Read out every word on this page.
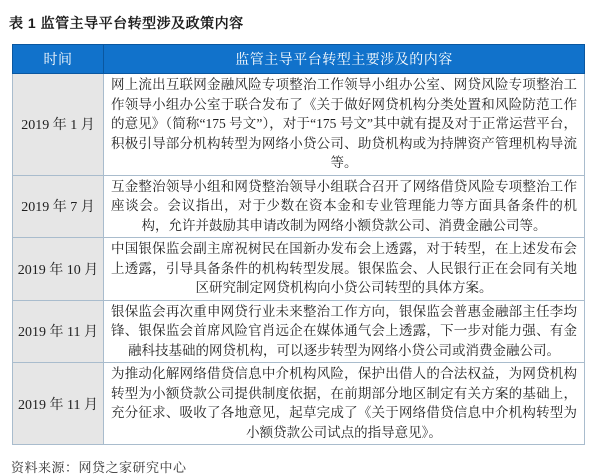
表 1 监管主导平台转型涉及政策内容
时间	监管主导平台转型主要涉及的内容
2019 年 1 月	网上流出互联网金融风险专项整治工作领导小组办公室、网贷风险专项整治工作领导小组办公室于联合发布了《关于做好网贷机构分类处置和风险防范工作的意见》（简称“175 号文”），对于“175 号文”其中就有提及对于正常运营平台，积极引导部分机构转型为网络小贷公司、助贷机构或为持牌资产管理机构导流等。
2019 年 7 月	互金整治领导小组和网贷整治领导小组联合召开了网络借贷风险专项整治工作座谈会。会议指出，对于少数在资本金和专业管理能力等方面具备条件的机构，允许并鼓励其申请改制为网络小额贷款公司、消费金融公司等。
2019 年 10 月	中国银保监会副主席祝树民在国新办发布会上透露，对于转型，在上述发布会上透露，引导具备条件的机构转型发展。银保监会、人民银行正在会同有关地区研究制定网贷机构向小贷公司转型的具体方案。
2019 年 11 月	银保监会再次重申网贷行业未来整治工作方向，银保监会普惠金融部主任李均锋、银保监会首席风险官肖远企在媒体通气会上透露，下一步对能力强、有金融科技基础的网贷机构，可以逐步转型为网络小贷公司或消费金融公司。
2019 年 11 月	为推动化解网络借贷信息中介机构风险，保护出借人的合法权益，为网贷机构转型为小额贷款公司提供制度依据，在前期部分地区制定有关方案的基础上，充分征求、吸收了各地意见，起草完成了《关于网络借贷信息中介机构转型为小额贷款公司试点的指导意见》。
资料来源：网贷之家研究中心
